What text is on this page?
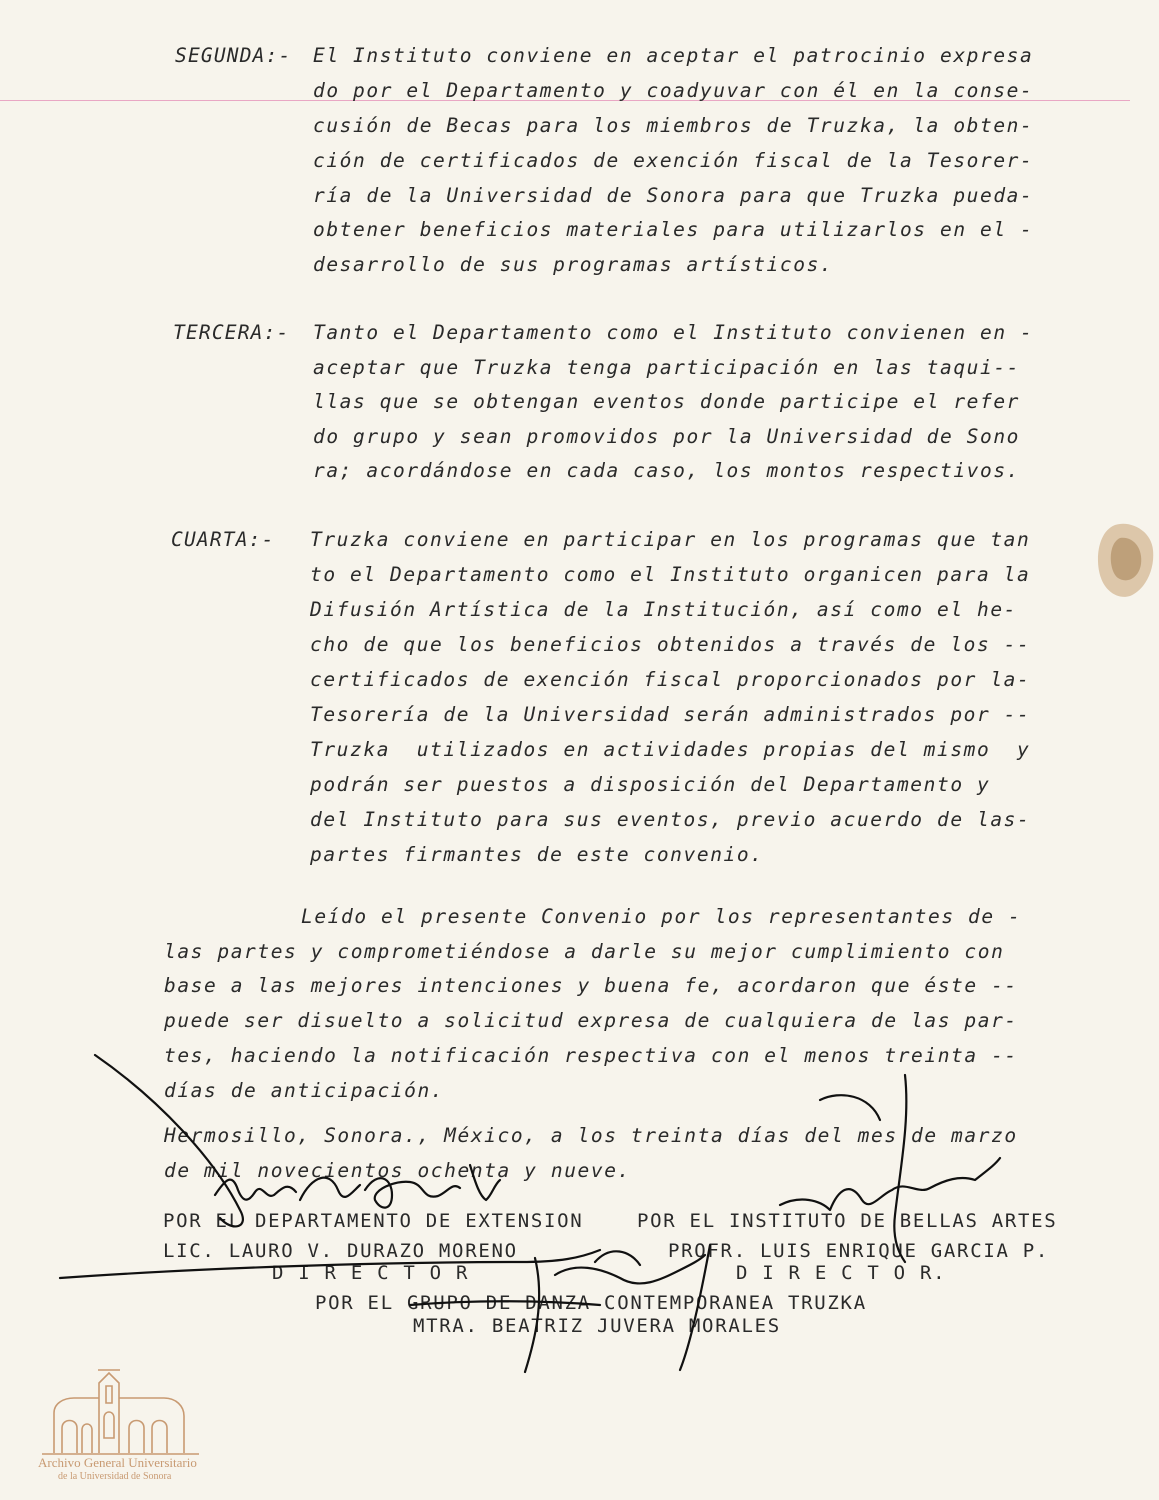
SEGUNDA:- El Instituto conviene en aceptar el patrocinio expresa
do por el Departamento y coadyuvar con él en la conse-
cusión de Becas para los miembros de Truzka, la obten-
ción de certificados de exención fiscal de la Tesorer-
ría de la Universidad de Sonora para que Truzka pueda-
obtener beneficios materiales para utilizarlos en el -
desarrollo de sus programas artísticos.
TERCERA:- Tanto el Departamento como el Instituto convienen en -
aceptar que Truzka tenga participación en las taqui--
llas que se obtengan eventos donde participe el refer
do grupo y sean promovidos por la Universidad de Sono
ra; acordándose en cada caso, los montos respectivos.
CUARTA:- Truzka conviene en participar en los programas que tan
to el Departamento como el Instituto organicen para la
Difusión Artística de la Institución, así como el he-
cho de que los beneficios obtenidos a través de los --
certificados de exención fiscal proporcionados por la-
Tesorería de la Universidad serán administrados por --
Truzka  utilizados en actividades propias del mismo  y
podrán ser puestos a disposición del Departamento y
del Instituto para sus eventos, previo acuerdo de las-
partes firmantes de este convenio.
Leído el presente Convenio por los representantes de -
las partes y comprometiéndose a darle su mejor cumplimiento con
base a las mejores intenciones y buena fe, acordaron que éste --
puede ser disuelto a solicitud expresa de cualquiera de las par-
tes, haciendo la notificación respectiva con el menos treinta --
días de anticipación.
Hermosillo, Sonora., México, a los treinta días del mes de marzo
de mil novecientos ochenta y nueve.
POR EL DEPARTAMENTO DE EXTENSION	POR EL INSTITUTO DE BELLAS ARTES
LIC. LAURO V. DURAZO MORENO	PROFR. LUIS ENRIQUE GARCIA P.
D I R E C T O R	D I R E C T O R.
POR EL GRUPO DE DANZA CONTEMPORANEA TRUZKA
MTRA. BEATRIZ JUVERA MORALES
Archivo General Universitario
de la Universidad de Sonora
